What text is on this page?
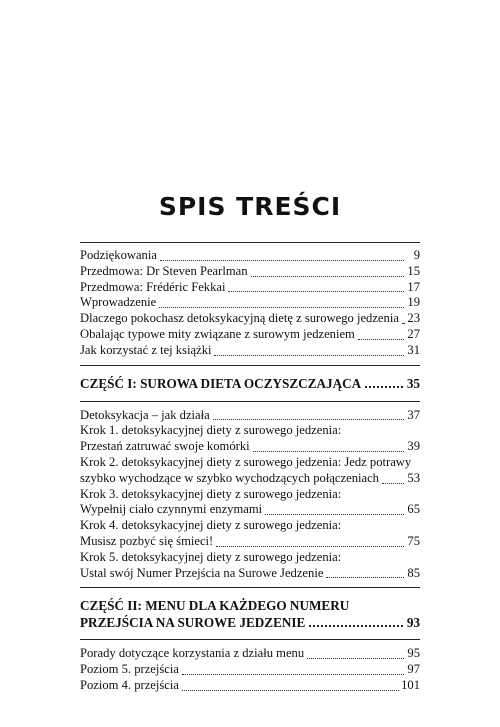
SPIS TREŚCI
Podziękowania	9
Przedmowa: Dr Steven Pearlman	15
Przedmowa: Frédéric Fekkai	17
Wprowadzenie	19
Dlaczego pokochasz detoksykacyjną dietę z surowego jedzenia 23
Obalając typowe mity związane z surowym jedzeniem	27
Jak korzystać z tej książki	31
CZĘŚĆ I: SUROWA DIETA OCZYSZCZAJĄCA	35
Detoksykacja – jak działa	37
Krok 1. detoksykacyjnej diety z surowego jedzenia:
Przestań zatruwać swoje komórki	39
Krok 2. detoksykacyjnej diety z surowego jedzenia: Jedz potrawy
szybko wychodzące w szybko wychodzących połączeniach 53
Krok 3. detoksykacyjnej diety z surowego jedzenia:
Wypełnij ciało czynnymi enzymami	65
Krok 4. detoksykacyjnej diety z surowego jedzenia:
Musisz pozbyć się śmieci!	75
Krok 5. detoksykacyjnej diety z surowego jedzenia:
Ustal swój Numer Przejścia na Surowe Jedzenie	85
CZĘŚĆ II: MENU DLA KAŻDEGO NUMERU
PRZEJŚCIA NA SUROWE JEDZENIE	93
Porady dotyczące korzystania z działu menu	95
Poziom 5. przejścia	97
Poziom 4. przejścia	101
